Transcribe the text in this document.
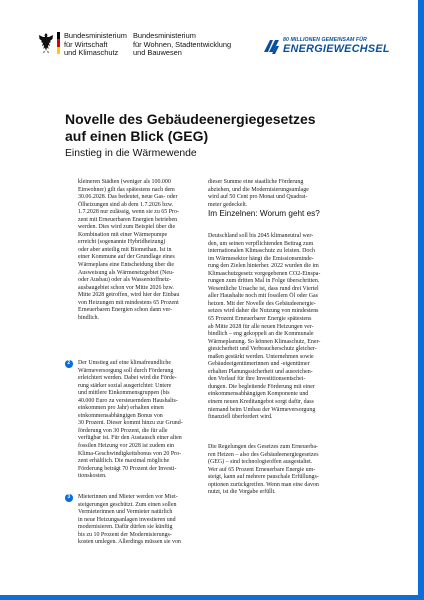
Bundesministerium
für Wirtschaft
und Klimaschutz
Bundesministerium
für Wohnen, Stadtentwicklung
und Bauwesen
80 MILLIONEN GEMEINSAM FÜR
ENERGIEWECHSEL
Novelle des Gebäudeenergiegesetzes
auf einen Blick (GEG)
Einstieg in die Wärmewende
kleineren Städten (weniger als 100.000
Einwohner) gilt das spätestens nach dem
30.06.2028. Das bedeutet, neue Gas- oder
Ölheizungen sind ab dem 1.7.2026 bzw.
1.7.2028 nur zulässig, wenn sie zu 65 Pro-
zent mit Erneuerbaren Energien betrieben
werden. Dies wird zum Beispiel über die
Kombination mit einer Wärmepumpe
erreicht (sogenannte Hybridheizung)
oder aber anteilig mit Biomethan. Ist in
einer Kommune auf der Grundlage eines
Wärmeplans eine Entscheidung über die
Ausweisung als Wärmenetzgebiet (Neu-
oder Ausbau) oder als Wasserstoffnetz-
ausbaugebiet schon vor Mitte 2026 bzw.
Mitte 2028 getroffen, wird hier der Einbau
von Heizungen mit mindestens 65 Prozent
Erneuerbaren Energien schon dann ver-
bindlich.
2	Der Umstieg auf eine klimafreundliche
Wärmeversorgung soll durch Förderung
erleichtert werden. Dabei wird die Förde-
rung stärker sozial ausgerichtet: Untere
und mittlere Einkommensgruppen (bis
40.000 Euro zu versteuerndem Haushalts-
einkommen pro Jahr) erhalten einen
einkommensabhängigen Bonus von
30 Prozent. Dieser kommt hinzu zur Grund-
förderung von 30 Prozent, die für alle
verfügbar ist. Für den Austausch einer alten
fossilen Heizung vor 2028 ist zudem ein
Klima-Geschwindigkeitsbonus von 20 Pro-
zent erhältlich. Die maximal mögliche
Förderung beträgt 70 Prozent der Investi-
tionskosten.
3	Mieterinnen und Mieter werden vor Miet-
steigerungen geschützt. Zum einen sollen
Vermieterinnen und Vermieter natürlich
in neue Heizungsanlagen investieren und
modernisieren. Dafür dürfen sie künftig
bis zu 10 Prozent der Modernisierungs-
kosten umlegen. Allerdings müssen sie von
dieser Summe eine staatliche Förderung
abziehen, und die Modernisierungsumlage
wird auf 50 Cent pro Monat und Quadrat-
meter gedeckelt.
Im Einzelnen: Worum geht es?
Deutschland soll bis 2045 klimaneutral wer-
den, um seinen verpflichtenden Beitrag zum
internationalen Klimaschutz zu leisten. Doch
im Wärmesektor hängt die Emissionsminde-
rung den Zielen hinterher. 2022 wurden die im
Klimaschutzgesetz vorgegebenen CO2-Einspa-
rungen zum dritten Mal in Folge überschritten.
Wesentliche Ursache ist, dass rund drei Viertel
aller Haushalte noch mit fossilem Öl oder Gas
heizen. Mit der Novelle des Gebäudeenergie-
setzes wird daher die Nutzung von mindestens
65 Prozent Erneuerbarer Energie spätestens
ab Mitte 2028 für alle neuen Heizungen ver-
bindlich – eng gekoppelt an die Kommunale
Wärmeplanung. So können Klimaschutz, Ener-
giesicherheit und Verbraucherschutz gleicher-
maßen gestärkt werden. Unternehmen sowie
Gebäudeeigentümerinnen und -eigentümer
erhalten Planungssicherheit und ausreichen-
den Vorlauf für ihre Investitionsentschei-
dungen. Die begleitende Förderung mit einer
einkommensabhängigen Komponente und
einem neuen Kreditangebot sorgt dafür, dass
niemand beim Umbau der Wärmeversorgung
finanziell überfordert wird.
Die Regelungen des Gesetzes zum Erneuerba-
ren Heizen – also des Gebäudeenergiegesetzes
(GEG) – sind technologieoffen ausgestaltet.
Wer auf 65 Prozent Erneuerbare Energie um-
steigt, kann auf mehrere pauschale Erfüllungs-
optionen zurückgreifen. Wenn man eine davon
nutzt, ist die Vorgabe erfüllt.
